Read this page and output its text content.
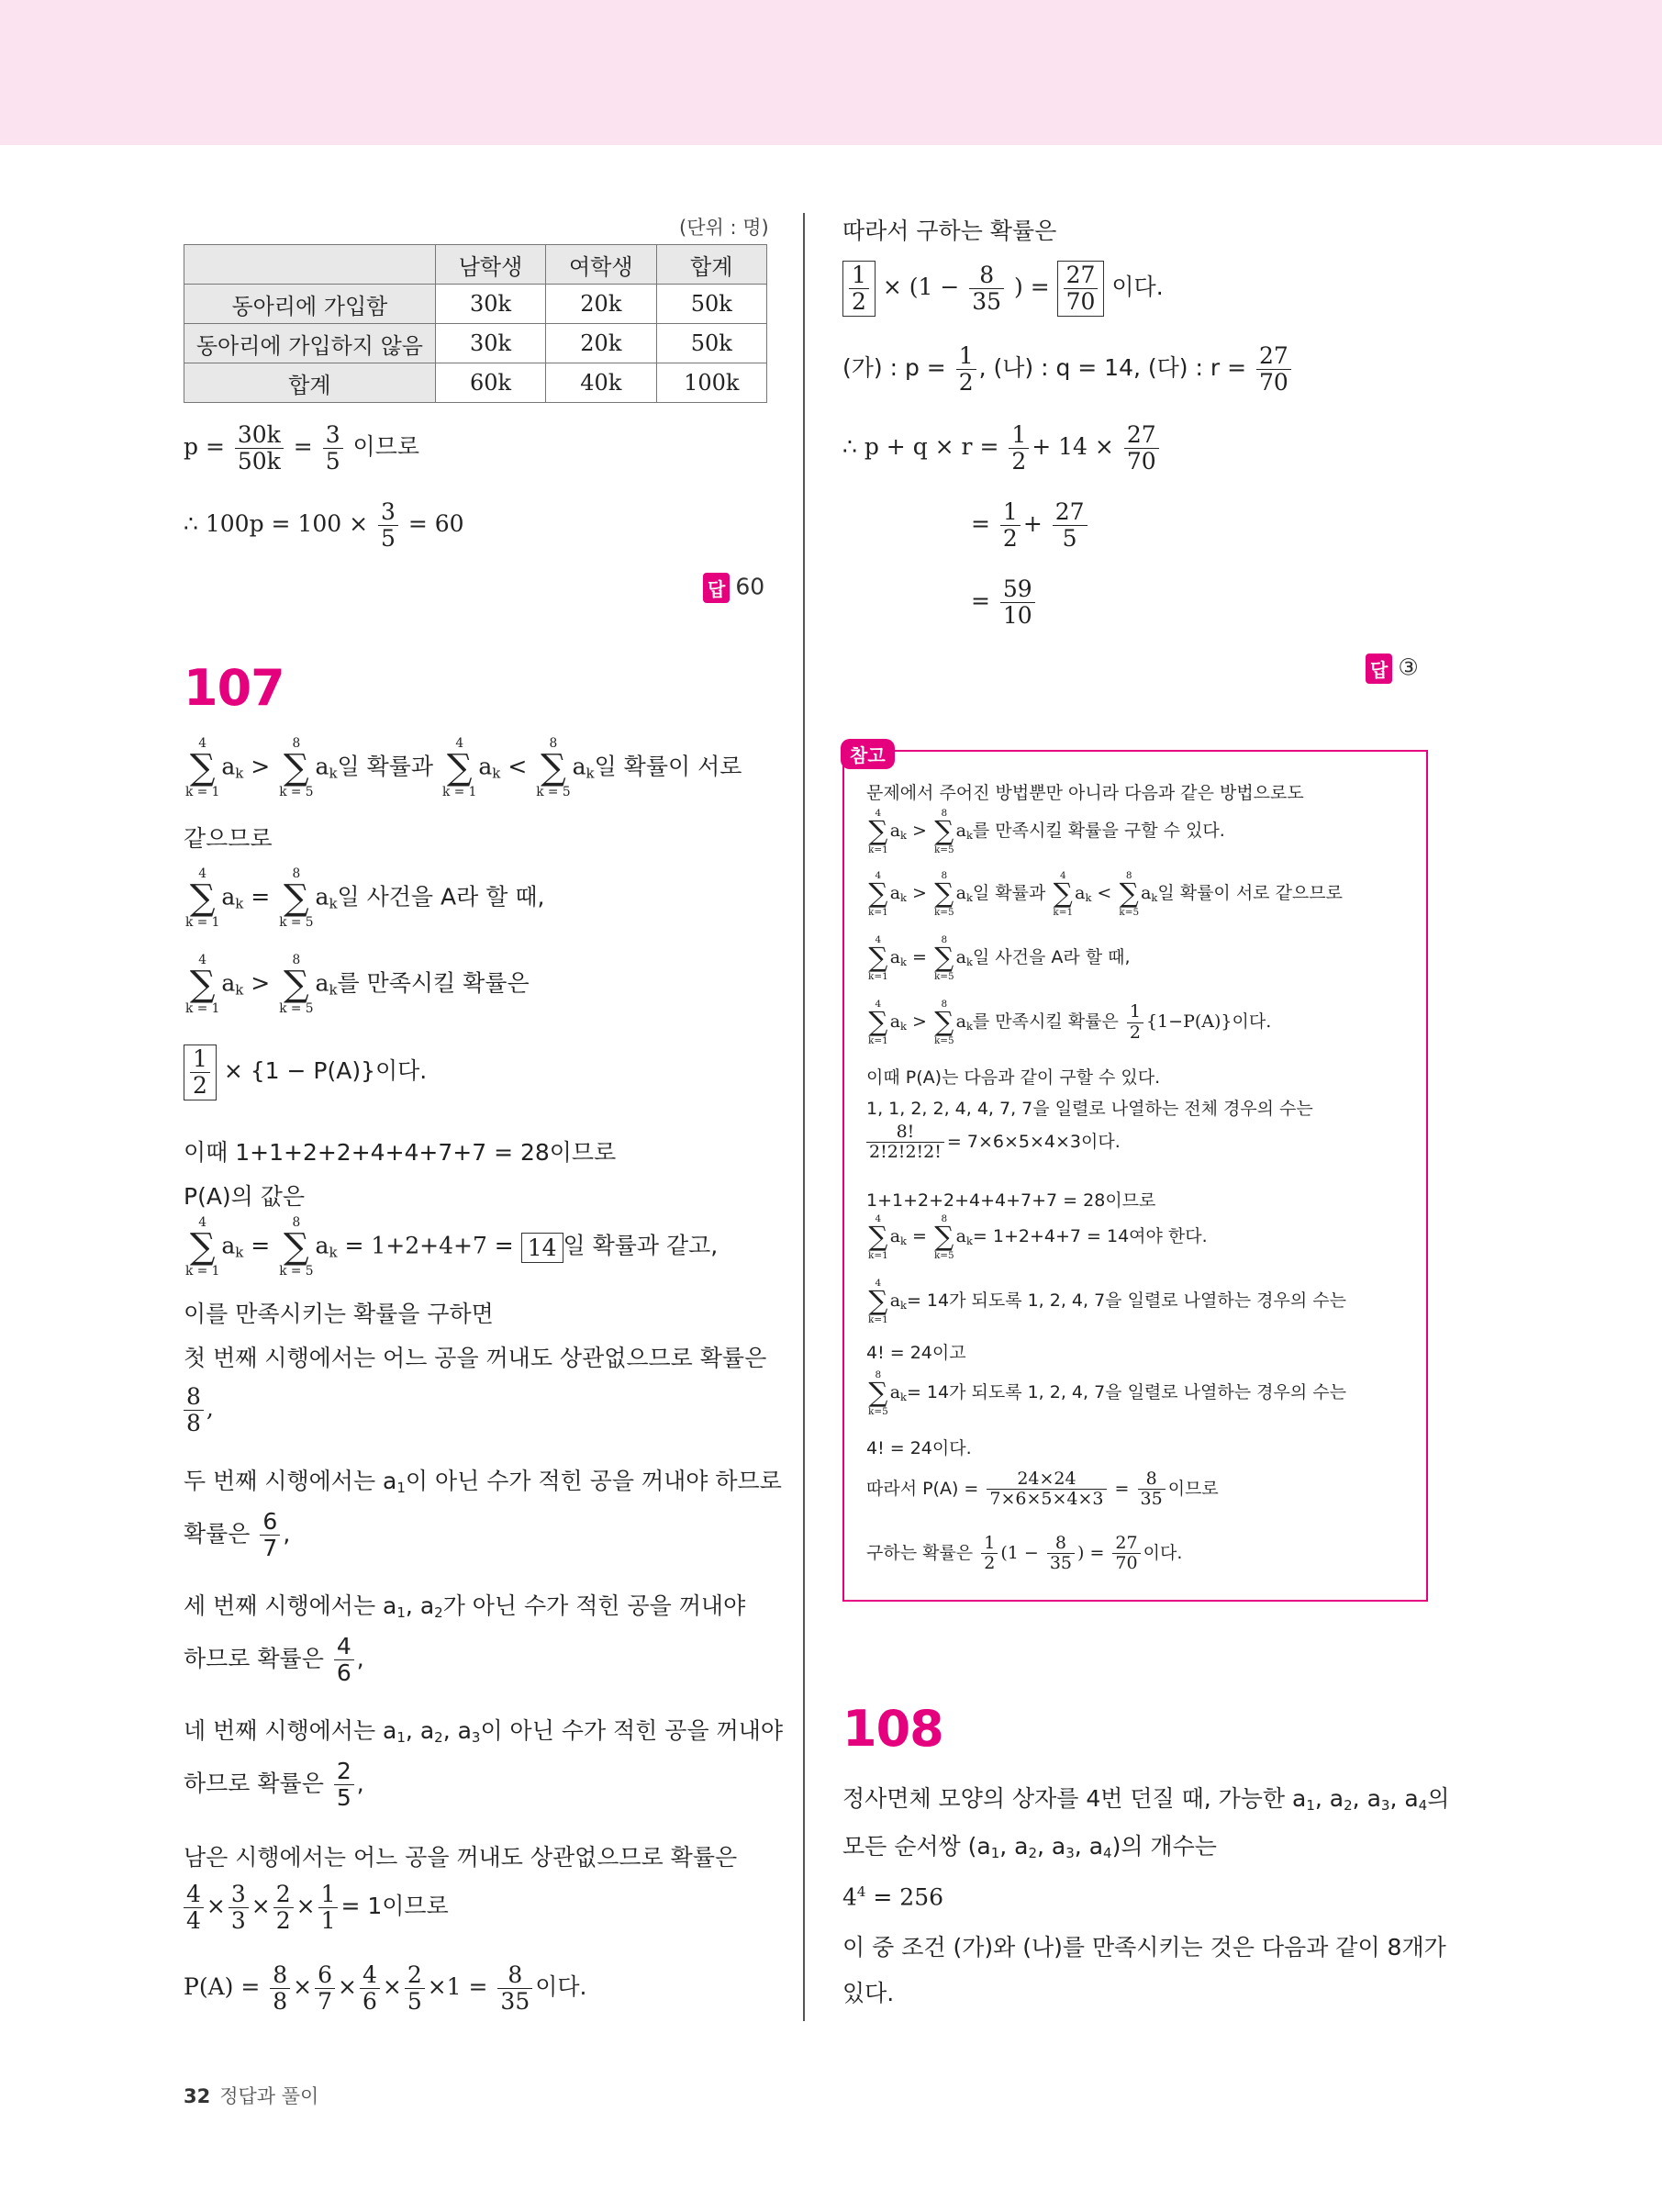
(단위 : 명)
	남학생	여학생	합계
동아리에 가입함	30k	20k	50k
동아리에 가입하지 않음	30k	20k	50k
합계	60k	40k	100k
$p = \frac{30k}{50k} = \frac{3}{5}$ 이므로
∴ $100p = 100 \times \frac{3}{5} = 60$
답 60
107
4
∑
k = 1
$a_k$ >
8
∑
k = 5
$a_k$일 확률과
4
∑
k = 1
$a_k$ <
8
∑
k = 5
$a_k$일 확률이 서로
같으므로
4
∑
k = 1
$a_k$ =
8
∑
k = 5
$a_k$일 사건을 A라 할 때,
4
∑
k = 1
$a_k$ >
8
∑
k = 5
$a_k$를 만족시킬 확률은
$\frac{1}{2} \times \{1 - P(A)\}$이다.
이때 1+1+2+2+4+4+7+7 = 28이므로
P(A)의 값은
4
∑
k = 1
$a_k$ =
8
∑
k = 5
$a_k = 1+2+4+7 = 14$ 일 확률과 같고,
이를 만족시키는 확률을 구하면
첫 번째 시행에서는 어느 공을 꺼내도 상관없으므로 확률은
$\frac{8}{8}$ ,
두 번째 시행에서는 $a_1$이 아닌 수가 적힌 공을 꺼내야 하므로
확률은 $\frac{6}{7}$ ,
세 번째 시행에서는 $a_1$, $a_2$가 아닌 수가 적힌 공을 꺼내야
하므로 확률은 $\frac{4}{6}$ ,
네 번째 시행에서는 $a_1$, $a_2$, $a_3$이 아닌 수가 적힌 공을 꺼내야
하므로 확률은 $\frac{2}{5}$ ,
남은 시행에서는 어느 공을 꺼내도 상관없으므로 확률은
$\frac{4}{4} \times \frac{3}{3} \times \frac{2}{2} \times \frac{1}{1} = 1$이므로
$P(A) = \frac{8}{8} \times \frac{6}{7} \times \frac{4}{6} \times \frac{2}{5} \times 1 = \frac{8}{35}$ 이다.
따라서 구하는 확률은
$\frac{1}{2} \times (1 - \frac{8}{35}$ ) = $\frac{27}{70}$ 이다.
(가) : $p = \frac{1}{2}$ , (나) : q = 14, (다) : $r = \frac{27}{70}$
∴ $p + q \times r = \frac{1}{2} + 14 \times \frac{27}{70}$
= $\frac{1}{2} + \frac{27}{5}$
= $\frac{59}{10}$
답 ③
참고
문제에서 주어진 방법뿐만 아니라 다음과 같은 방법으로도
4
∑
k=1
$a_k$ >
8
∑
k=5
$a_k$를 만족시킬 확률을 구할 수 있다.
4
∑
k=1
$a_k$ >
8
∑
k=5
$a_k$일 확률과
4
∑
k=1
$a_k$ <
8
∑
k=5
$a_k$일 확률이 서로 같으므로
4
∑
k=1
$a_k$ =
8
∑
k=5
$a_k$일 사건을 A라 할 때,
4
∑
k=1
$a_k$ >
8
∑
k=5
$a_k$를 만족시킬 확률은 $\frac{1}{2} \{1-P(A)\}$이다.
이때 P(A)는 다음과 같이 구할 수 있다.
1, 1, 2, 2, 4, 4, 7, 7을 일렬로 나열하는 전체 경우의 수는
$\frac{8!}{2!2!2!2!} = 7\times 6\times 5\times 4\times 3$이다.
1+1+2+2+4+4+7+7 = 28이므로
4
∑
k=1
$a_k$ =
8
∑
k=5
$a_k= 1+2+4+7 = 14$여야 한다.
4
∑
k=1
$a_k= 14$가 되도록 1, 2, 4, 7을 일렬로 나열하는 경우의 수는
4! = 24이고
8
∑
k=5
$a_k= 14$가 되도록 1, 2, 4, 7을 일렬로 나열하는 경우의 수는
4! = 24이다.
따라서 $P(A) = \frac{24\times 24}{7\times 6\times 5\times 4\times 3} = \frac{8}{35}$ 이므로
구하는 확률은 $\frac{1}{2} (1 - \frac{8}{35}$ ) = $\frac{27}{70}$ 이다.
108
정사면체 모양의 상자를 4번 던질 때, 가능한 $a_1$, $a_2$, $a_3$, $a_4$의
모든 순서쌍 ($a_1$, $a_2$, $a_3$, $a_4$)의 개수는
$4^4 = 256$
이 중 조건 (가)와 (나)를 만족시키는 것은 다음과 같이 8개가
있다.
32 정답과 풀이
